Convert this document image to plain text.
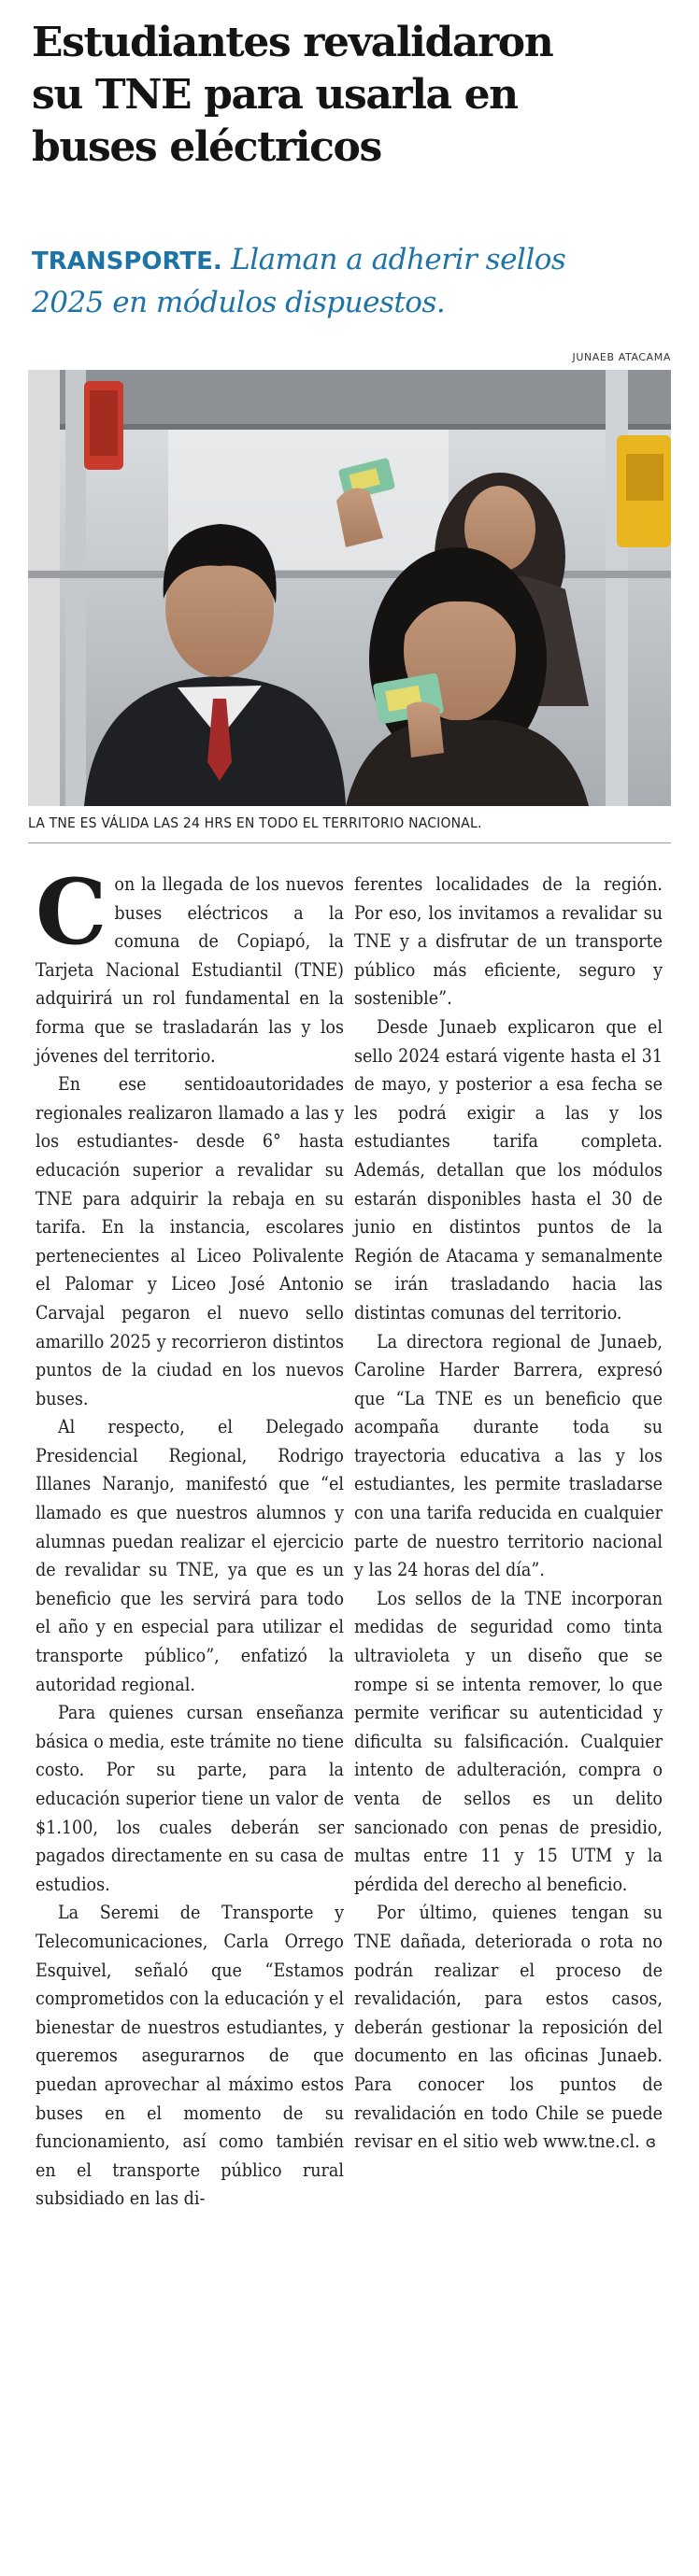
Estudiantes revalidaron
su TNE para usarla en
buses eléctricos
TRANSPORTE. Llaman a adherir sellos
2025 en módulos dispuestos.
JUNAEB ATACAMA
LA TNE ES VÁLIDA LAS 24 HRS EN TODO EL TERRITORIO NACIONAL.

Con la llegada de los nuevos buses eléctricos a la comuna de Copiapó, la Tarjeta Nacional Estudiantil (TNE) adquirirá un rol fundamental en la forma que se trasladarán las y los jóvenes del territorio.

En ese sentidoautoridades regionales realizaron llamado a las y los estudiantes- desde 6° hasta educación superior a revalidar su TNE para adquirir la rebaja en su tarifa. En la instancia, escolares pertenecientes al Liceo Polivalente el Palomar y Liceo José Antonio Carvajal pegaron el nuevo sello amarillo 2025 y recorrieron distintos puntos de la ciudad en los nuevos buses.

Al respecto, el Delegado Presidencial Regional, Rodrigo Illanes Naranjo, manifestó que “el llamado es que nuestros alumnos y alumnas puedan realizar el ejercicio de revalidar su TNE, ya que es un beneficio que les servirá para todo el año y en especial para utilizar el transporte público”, enfatizó la autoridad regional.

Para quienes cursan enseñanza básica o media, este trámite no tiene costo. Por su parte, para la educación superior tiene un valor de $1.100, los cuales deberán ser pagados directamente en su casa de estudios.

La Seremi de Transporte y Telecomunicaciones, Carla Orrego Esquivel, señaló que “Estamos comprometidos con la educación y el bienestar de nuestros estudiantes, y queremos asegurarnos de que puedan aprovechar al máximo estos buses en el momento de su funcionamiento, así como también en el transporte público rural subsidiado en las di-

ferentes localidades de la región. Por eso, los invitamos a revalidar su TNE y a disfrutar de un transporte público más eficiente, seguro y sostenible”.

Desde Junaeb explicaron que el sello 2024 estará vigente hasta el 31 de mayo, y posterior a esa fecha se les podrá exigir a las y los estudiantes tarifa completa. Además, detallan que los módulos estarán disponibles hasta el 30 de junio en distintos puntos de la Región de Atacama y semanalmente se irán trasladando hacia las distintas comunas del territorio.

La directora regional de Junaeb, Caroline Harder Barrera, expresó que “La TNE es un beneficio que acompaña durante toda su trayectoria educativa a las y los estudiantes, les permite trasladarse con una tarifa reducida en cualquier parte de nuestro territorio nacional y las 24 horas del día”.

Los sellos de la TNE incorporan medidas de seguridad como tinta ultravioleta y un diseño que se rompe si se intenta remover, lo que permite verificar su autenticidad y dificulta su falsificación. Cualquier intento de adulteración, compra o venta de sellos es un delito sancionado con penas de presidio, multas entre 11 y 15 UTM y la pérdida del derecho al beneficio.

Por último, quienes tengan su TNE dañada, deteriorada o rota no podrán realizar el proceso de revalidación, para estos casos, deberán gestionar la reposición del documento en las oficinas Junaeb. Para conocer los puntos de revalidación en todo Chile se puede revisar en el sitio web www.tne.cl. ɞ
